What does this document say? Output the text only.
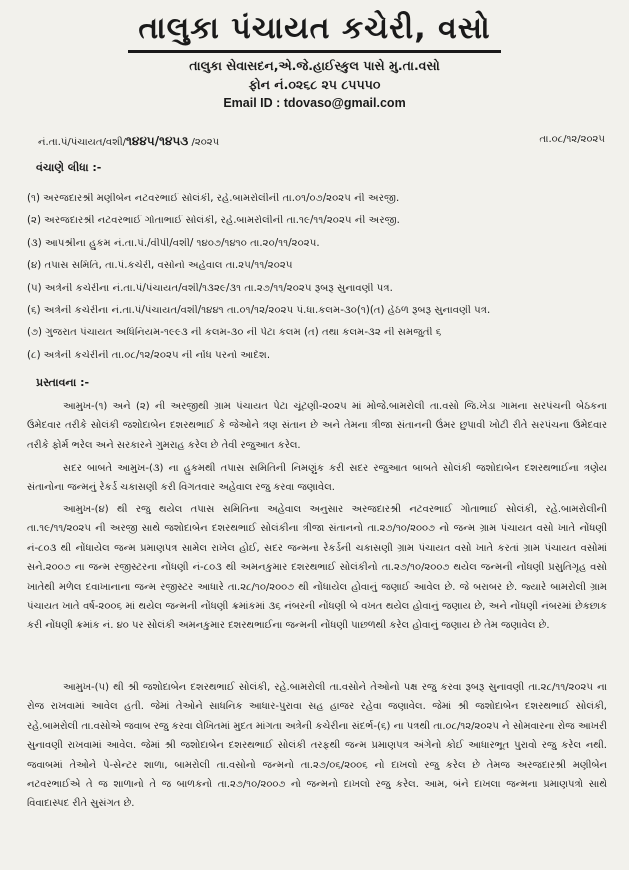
તાલુકા પંચાયત કચેરી, વસો
તાલુકા સેવાસદન,એ.જે.હાઈસ્કુલ પાસે મુ.તા.વસો
ફોન નં.૦૨૬૮ ૨૫ ૮૫૫૫૦
Email ID : tdovaso@gmail.com
નં.તા.પં/પંચાયત/વશી/૧૪૪૫/૧૪૫૩ /૨૦૨૫	તા.૦૮/૧૨/૨૦૨૫
વંચાણે લીધા :-
(૧) અરજદારશ્રી મણીબેન નટવરભાઈ સોલંકી, રહે.બામરોલીની તા.૦૧/૦૭/૨૦૨૫ ની અરજી.
(૨) અરજદારશ્રી નટવરભાઈ ગોતાભાઈ સોલંકી, રહે.બામરોલીની તા.૧૯/૧૧/૨૦૨૫ ની અરજી.
(૩) આપશ્રીના હુકમ નં.તા.પં./વીપી/વશી/ ૧૪૦૭/૧૪૧૦ તા.૨૦/૧૧/૨૦૨૫.
(૪) તપાસ સમિતિ, તા.પં.કચેરી, વસોનો અહેવાલ તા.૨૫/૧૧/૨૦૨૫
(૫) અત્રેની કચેરીના નં.તા.પં/પંચાયત/વશી/૧૩૨૯/૩૧ તા.૨૭/૧૧/૨૦૨૫ રૂબરૂ સુનાવણી પત્ર.
(૬) અત્રેની કચેરીના નં.તા.પં/પંચાયત/વશી/૧૪૪૧ તા.૦૧/૧૨/૨૦૨૫ પં.ધા.કલમ-૩૦(૧)(ત) હેઠળ રૂબરૂ સુનાવણી પત્ર.
(૭) ગુજરાત પંચાયત અધિનિયમ-૧૯૯૩ ની કલમ-૩૦ ની પેટા કલમ (ત) તથા કલમ-૩૨ ની સમજુતી ૬
(૮) અત્રેની કચેરીની તા.૦૮/૧૨/૨૦૨૫ ની નોંધ પરનો આદેશ.
પ્રસ્તાવના :-

આમુખ-(૧) અને (૨) ની અરજીથી ગ્રામ પંચાયત પેટા ચૂંટણી-૨૦૨૫ માં મોજે.બામરોલી તા.વસો જિ.ખેડા ગામના સરપંચની બેઠકના ઉમેદવાર તરીકે સોલંકી જશોદાબેન દશરથભાઈ કે જેઓને ત્રણ સંતાન છે અને તેમના ત્રીજા સંતાનની ઉંમર છુપાવી ખોટી રીતે સરપંચના ઉમેદવાર તરીકે ફોર્મ ભરેલ અને સરકારને ગુમરાહ કરેલ છે તેવી રજુઆત કરેલ.

સદર બાબતે આમુખ-(૩) ના હુકમથી તપાસ સમિતિની નિમણુંક કરી સદર રજુઆત બાબતે સોલંકી જશોદાબેન દશરથભાઈના ત્રણેય સંતાનોના જન્મનું રેકર્ડ ચકાસણી કરી વિગતવાર અહેવાલ રજુ કરવા જણાવેલ.

આમુખ-(૪) થી રજુ થયેલ તપાસ સમિતિના અહેવાલ અનુસાર અરજદારશ્રી નટવરભાઈ ગોતાભાઈ સોલંકી, રહે.બામરોલીની તા.૧૯/૧૧/૨૦૨૫ ની અરજી સાથે જશોદાબેન દશરથભાઈ સોલંકીના ત્રીજા સંતાનનો તા.૨૭/૧૦/૨૦૦૭ નો જન્મ ગ્રામ પંચાયત વસો ખાતે નોંધણી નં-૮૦૩ થી નોંધાયેલ જન્મ પ્રમાણપત્ર સામેલ રાખેલ હોઈ, સદર જન્મના રેકર્ડની ચકાસણી ગ્રામ પંચાયત વસો ખાતે કરતાં ગ્રામ પંચાયત વસોમાં સને.૨૦૦૭ ના જન્મ રજીસ્ટરના નોંધણી નં-૮૦૩ થી અમનકુમાર દશરથભાઈ સોલંકીનો તા.૨૭/૧૦/૨૦૦૭ થયેલ જન્મની નોંધણી પ્રસુતિગૃહ વસો ખાતેથી મળેલ દવાખાનાના જન્મ રજીસ્ટર આધારે તા.૨૮/૧૦/૨૦૦૭ થી નોંધાયેલ હોવાનું જણાઈ આવેલ છે. જે બરાબર છે. જ્યારે બામરોલી ગ્રામ પંચાયત ખાતે વર્ષ-૨૦૦૬ માં થયેલ જન્મની નોંધણી ક્રમાંકમાં ૩૬ નંબરની નોંધણી બે વખત થયેલ હોવાનું જણાય છે, અને નોંધણી નંબરમાં છેકછાક કરી નોંધણી ક્રમાંક નં. ૪૦ પર સોલંકી અમનકુમાર દશરથભાઈના જન્મની નોંધણી પાછળથી કરેલ હોવાનું જણાય છે તેમ જણાવેલ છે.

આમુખ-(૫) થી શ્રી જશોદાબેન દશરથભાઈ સોલંકી, રહે.બામરોલી તા.વસોને તેઓનો પક્ષ રજુ કરવા રૂબરૂ સુનાવણી તા.૨૮/૧૧/૨૦૨૫ ના રોજ રાખવામાં આવેલ હતી. જેમાં તેઓને સાધનિક આધાર-પુરાવા સહ હાજર રહેવા જણાવેલ. જેમાં શ્રી જશોદાબેન દશરથભાઈ સોલંકી, રહે.બામરોલી તા.વસોએ જવાબ રજુ કરવા લેખિતમાં મુદત માંગતા અત્રેની કચેરીના સંદર્ભ-(૬) ના પત્રથી તા.૦૮/૧૨/૨૦૨૫ ને સોમવારના રોજ આખરી સુનાવણી રાખવામાં આવેલ. જેમાં શ્રી જશોદાબેન દશરથભાઈ સોલંકી તરફથી જન્મ પ્રમાણપત્ર અંગેનો કોઈ આધારભૂત પુરાવો રજુ કરેલ નથી. જવાબમાં તેઓને પે-સેન્ટર શાળા, બામરોલી તા.વસોનો જન્મનો તા.૨૭/૦૬/૨૦૦૬ નો દાખલો રજુ કરેલ છે તેમજ અરજદારશ્રી મણીબેન નટવરભાઈએ તે જ શાળાનો તે જ બાળકનો તા.૨૭/૧૦/૨૦૦૭ નો જન્મનો દાખલો રજુ કરેલ. આમ, બંને દાખલા જન્મના પ્રમાણપત્રો સાથે વિવાદાસ્પદ રીતે સુસંગત છે.
